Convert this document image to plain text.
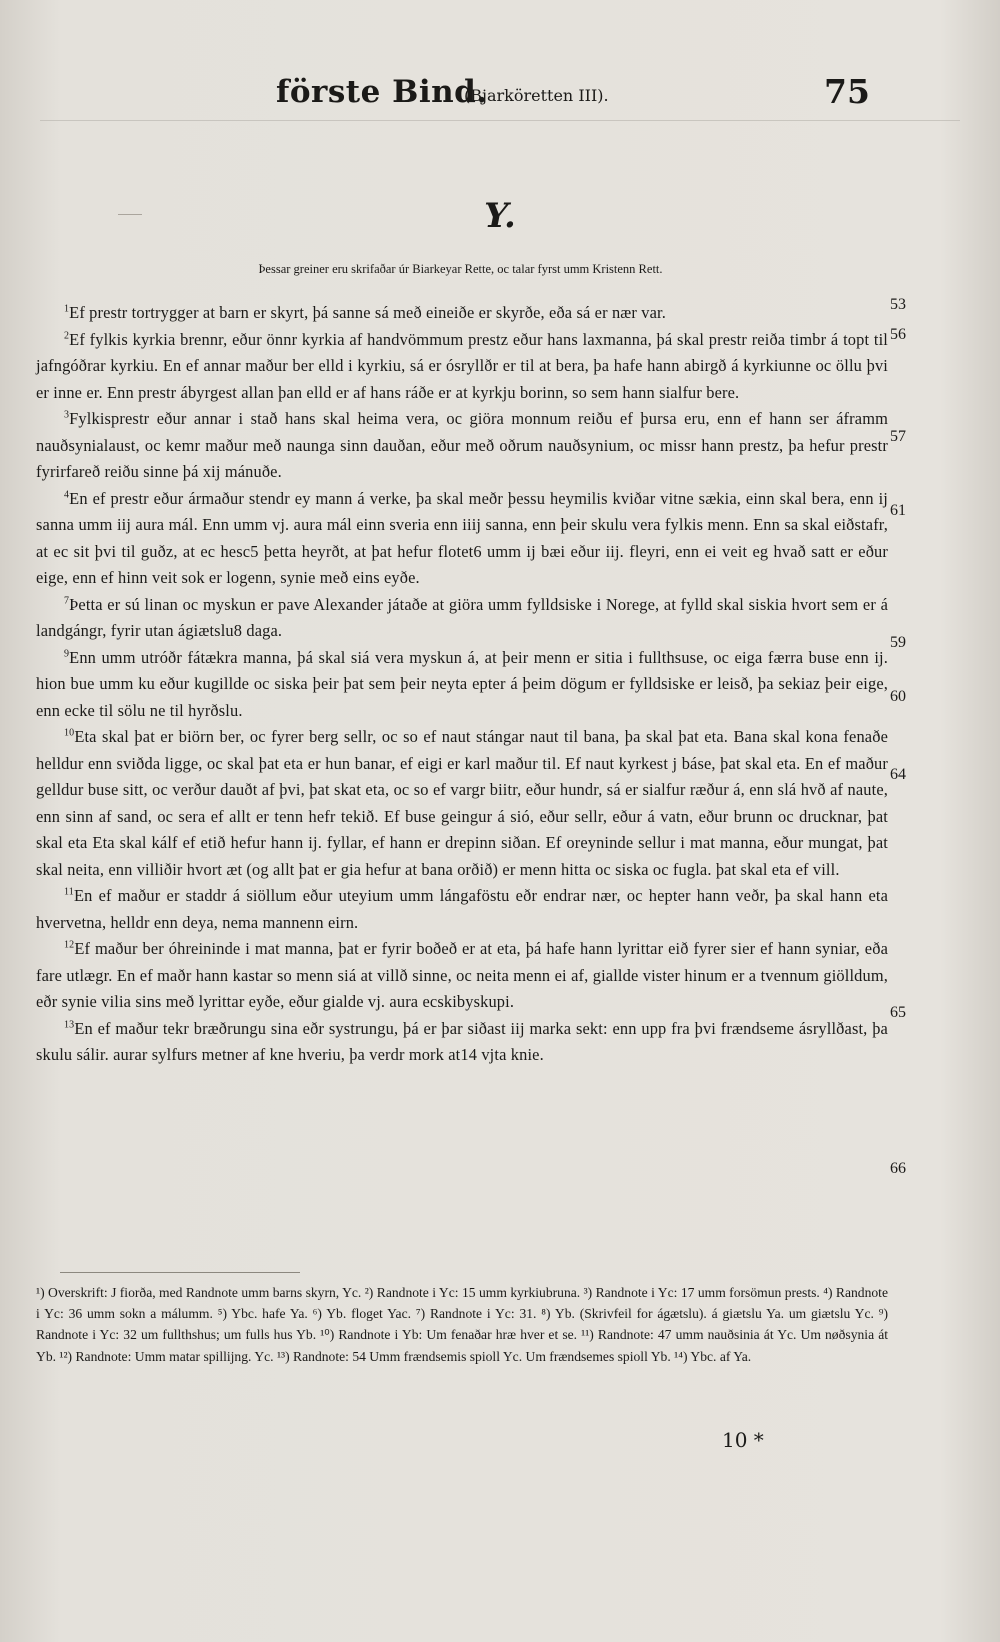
förste Bind.
(Bjarköretten III).	75
Y.
Þessar greiner eru skrifaðar úr Biarkeyar Rette, oc talar fyrst umm Kristenn Rett.

$^1$Ef prestr tortrygger at barn er skyrt, þá sanne sá með eineiðe er skyrðe, eða sá er nær var.

$^2$Ef fylkis kyrkia brennr, eður önnr kyrkia af handvömmum prestz eður hans laxmanna, þá skal prestr reiða timbr á topt til jafngóðrar kyrkiu. En ef annar maður ber elld i kyrkiu, sá er ósryllðr er til at bera, þa hafe hann abirgð á kyrkiunne oc öllu þvi er inne er. Enn prestr ábyrgest allan þan elld er af hans ráðe er at kyrkju borinn, so sem hann sialfur bere.

$^3$Fylkisprestr eður annar i stað hans skal heima vera, oc giöra monnum reiðu ef þursa eru, enn ef hann ser áframm nauðsynialaust, oc kemr maður með naunga sinn dauðan, eður með oðrum nauðsynium, oc missr hann prestz, þa hefur prestr fyrirfareð reiðu sinne þá xij mánuðe.

$^4$En ef prestr eður ármaður stendr ey mann á verke, þa skal meðr þessu heymilis kviðar vitne sækia, einn skal bera, enn ij sanna umm iij aura mál. Enn umm vj. aura mál einn sveria enn iiij sanna, enn þeir skulu vera fylkis menn. Enn sa skal eiðstafr, at ec sit þvi til guðz, at ec hesc5 þetta heyrðt, at þat hefur flotet6 umm ij bæi eður iij. fleyri, enn ei veit eg hvað satt er eður eige, enn ef hinn veit sok er logenn, synie með eins eyðe.

$^7$Þetta er sú linan oc myskun er pave Alexander játaðe at giöra umm fylldsiske i Norege, at fylld skal siskia hvort sem er á landgángr, fyrir utan ágiætslu8 daga.

$^9$Enn umm utróðr fátækra manna, þá skal siá vera myskun á, at þeir menn er sitia i fullthsuse, oc eiga færra buse enn ij. hion bue umm ku eður kugillde oc siska þeir þat sem þeir neyta epter á þeim dögum er fylldsiske er leisð, þa sekiaz þeir eige, enn ecke til sölu ne til hyrðslu.

$^{10}$Eta skal þat er biörn ber, oc fyrer berg sellr, oc so ef naut stángar naut til bana, þa skal þat eta. Bana skal kona fenaðe helldur enn sviðda ligge, oc skal þat eta er hun banar, ef eigi er karl maður til. Ef naut kyrkest j báse, þat skal eta. En ef maður gelldur buse sitt, oc verður dauðt af þvi, þat skat eta, oc so ef vargr biitr, eður hundr, sá er sialfur ræður á, enn slá hvð af naute, enn sinn af sand, oc sera ef allt er tenn hefr tekið. Ef buse geingur á sió, eður sellr, eður á vatn, eður brunn oc drucknar, þat skal eta Eta skal kálf ef etið hefur hann ij. fyllar, ef hann er drepinn siðan. Ef oreyninde sellur i mat manna, eður mungat, þat skal neita, enn villiðir hvort æt (og allt þat er gia hefur at bana orðið) er menn hitta oc siska oc fugla. þat skal eta ef vill.

$^{11}$En ef maður er staddr á siöllum eður uteyium umm lángaföstu eðr endrar nær, oc hepter hann veðr, þa skal hann eta hvervetna, helldr enn deya, nema mannenn eirn.

$^{12}$Ef maður ber óhreininde i mat manna, þat er fyrir boðeð er at eta, þá hafe hann lyrittar eið fyrer sier ef hann syniar, eða fare utlægr. En ef maðr hann kastar so menn siá at villð sinne, oc neita menn ei af, giallde vister hinum er a tvennum giölldum, eðr synie vilia sins með lyrittar eyðe, eður gialde vj. aura ecskibyskupi.

$^{13}$En ef maður tekr bræðrungu sina eðr systrungu, þá er þar siðast iij marka sekt: enn upp fra þvi frændseme ásryllðast, þa skulu sálir. aurar sylfurs metner af kne hveriu, þa verdr mork at14 vjta knie.

53
56
57
61
59
60
64
65
66
¹) Overskrift: J fiorða, med Randnote umm barns skyrn, Yc. ²) Randnote i Yc: 15 umm kyrkiubruna. ³) Randnote i Yc: 17 umm forsömun prests. ⁴) Randnote i Yc: 36 umm sokn a málumm. ⁵) Ybc. hafe Ya. ⁶) Yb. floget Yac. ⁷) Randnote i Yc: 31. ⁸) Yb. (Skrivfeil for ágætslu). á giætslu Ya. um giætslu Yc. ⁹) Randnote i Yc: 32 um fullthshus; um fulls hus Yb. ¹⁰) Randnote i Yb: Um fenaðar hræ hver et se. ¹¹) Randnote: 47 umm nauðsinia át Yc. Um nøðsynia át Yb. ¹²) Randnote: Umm matar spillijng. Yc. ¹³) Randnote: 54 Umm frændsemis spioll Yc. Um frændsemes spioll Yb. ¹⁴) Ybc. af Ya.
10 *
